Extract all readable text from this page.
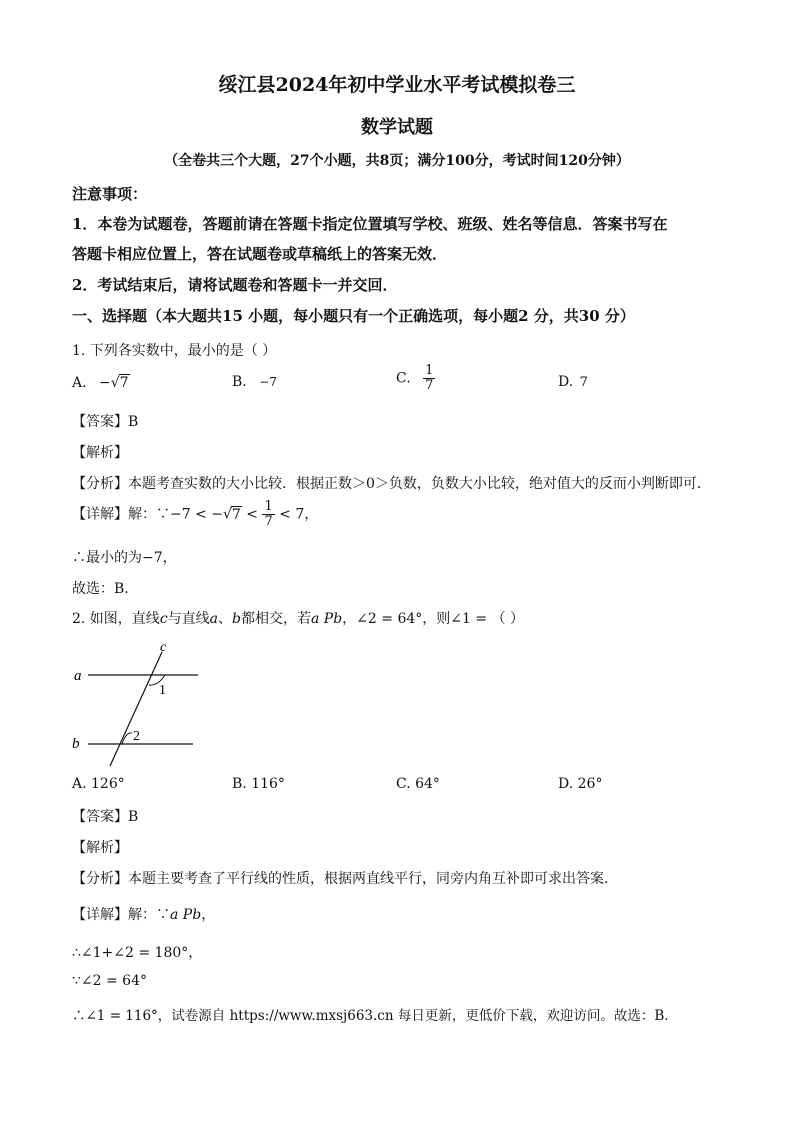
绥江县2024年初中学业水平考试模拟卷三
数学试题
（全卷共三个大题，27个小题，共8页；满分100分，考试时间120分钟）
注意事项：
1．本卷为试题卷，答题前请在答题卡指定位置填写学校、班级、姓名等信息．答案书写在
答题卡相应位置上，答在试题卷或草稿纸上的答案无效．
2．考试结束后，请将试题卷和答题卡一并交回．
一、选择题（本大题共15 小题，每小题只有一个正确选项，每小题2 分，共30 分）
1. 下列各实数中，最小的是（ ）
A. −√7	B. −7	C. $\frac{1}{7}$	D. 7
【答案】B
【解析】
【分析】本题考查实数的大小比较．根据正数＞0＞负数，负数大小比较，绝对值大的反而小判断即可．
【详解】解：∵−7 < $-√7 < \frac{1}{7} < 7$，
∴最小的为−7，
故选：B．
2. 如图，直线c与直线a、b都相交，若a Pb，∠2 = 64°，则∠1 = （ ）
a
b
c
1
2
A. 126°	B. 116°	C. 64°	D. 26°
【答案】B
【解析】
【分析】本题主要考查了平行线的性质，根据两直线平行，同旁内角互补即可求出答案.
【详解】解：∵a Pb，
∴∠1+∠2 = 180°，
∵∠2 = 64°
∴∠1 = 116°，试卷源自 https://www.mxsj663.cn 每日更新，更低价下载，欢迎访问。故选：B.
